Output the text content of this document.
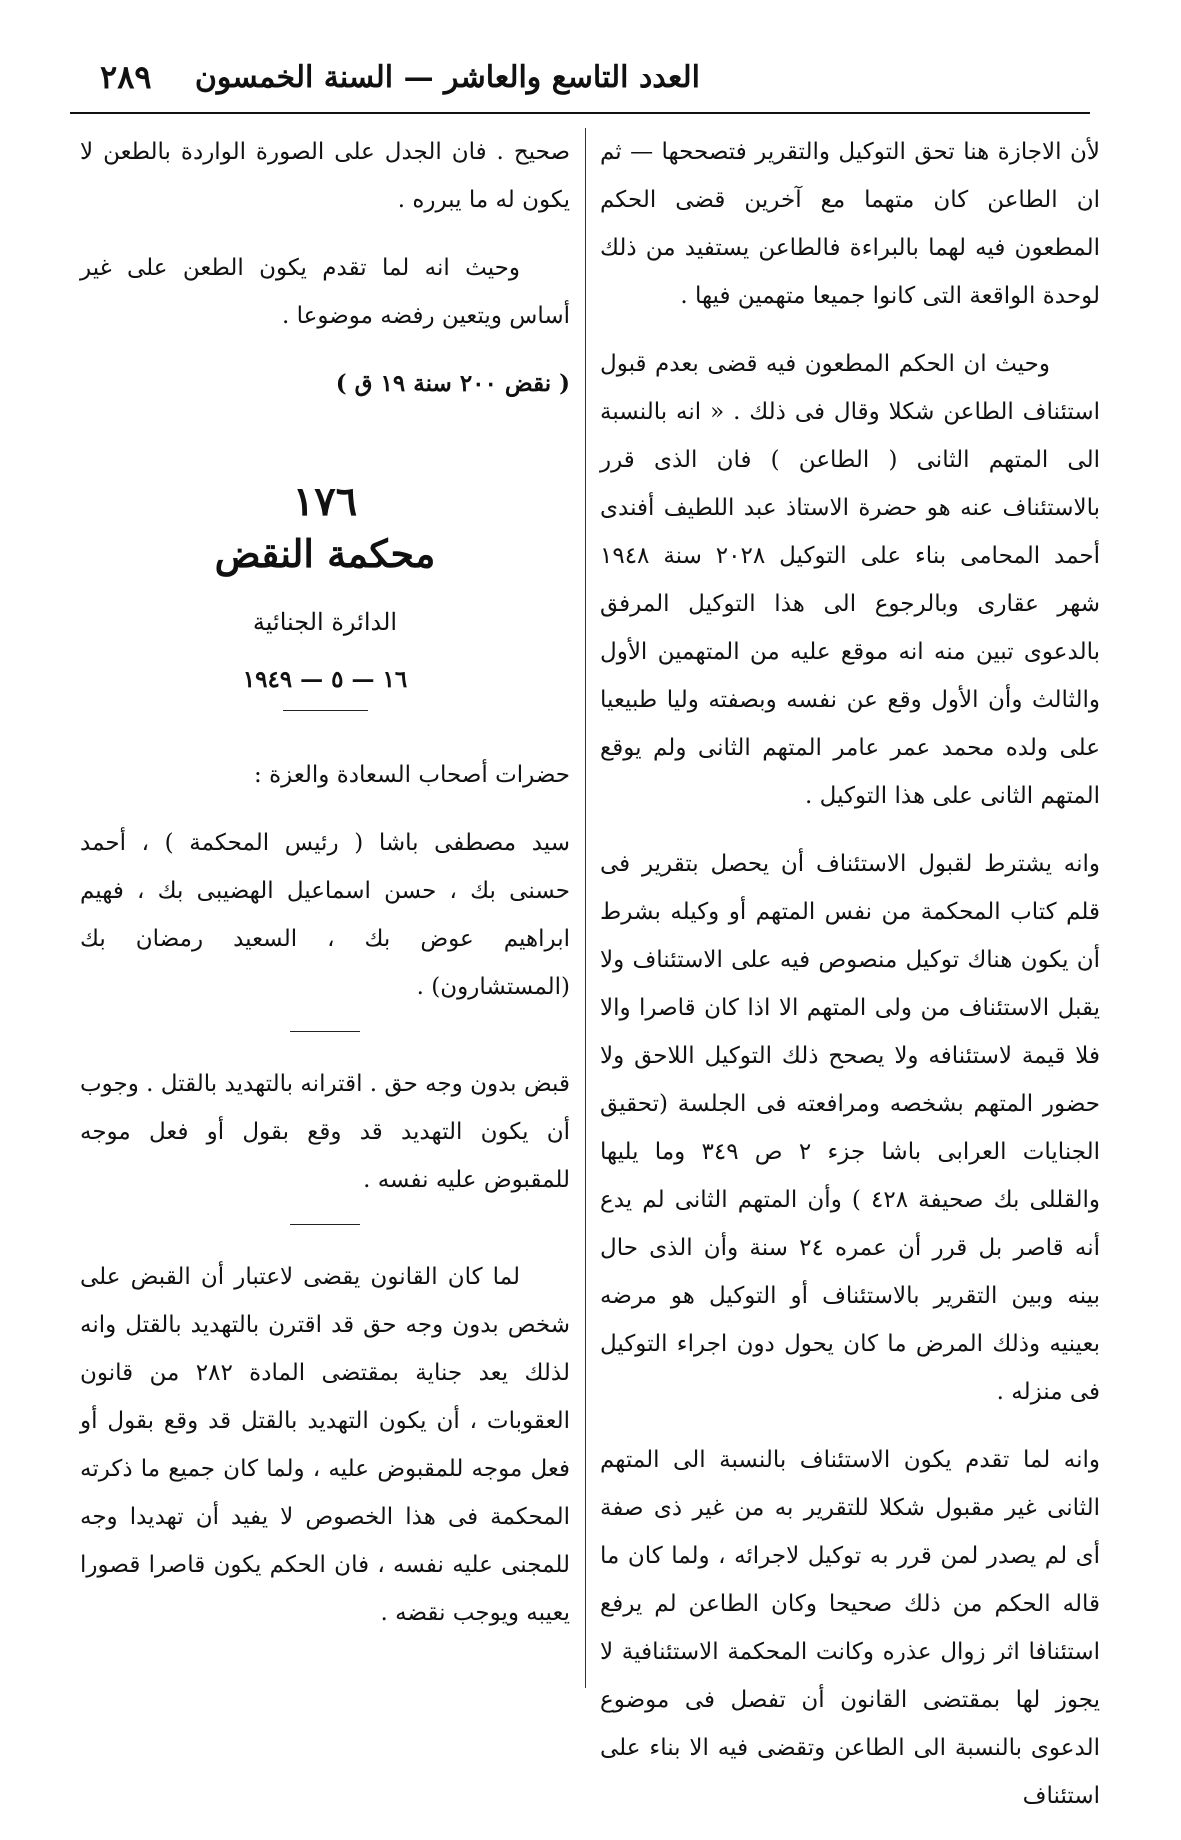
العدد التاسع والعاشر — السنة الخمسون
٢٨٩

لأن الاجازة هنا تحق التوكيل والتقرير فتصححها — ثم ان الطاعن كان متهما مع آخرين قضى الحكم المطعون فيه لهما بالبراءة فالطاعن يستفيد من ذلك لوحدة الواقعة التى كانوا جميعا متهمين فيها .

وحيث ان الحكم المطعون فيه قضى بعدم قبول استئناف الطاعن شكلا وقال فى ذلك . « انه بالنسبة الى المتهم الثانى ( الطاعن ) فان الذى قرر بالاستئناف عنه هو حضرة الاستاذ عبد اللطيف أفندى أحمد المحامى بناء على التوكيل ٢٠٢٨ سنة ١٩٤٨ شهر عقارى وبالرجوع الى هذا التوكيل المرفق بالدعوى تبين منه انه موقع عليه من المتهمين الأول والثالث وأن الأول وقع عن نفسه وبصفته وليا طبيعيا على ولده محمد عمر عامر المتهم الثانى ولم يوقع المتهم الثانى على هذا التوكيل .

وانه يشترط لقبول الاستئناف أن يحصل بتقرير فى قلم كتاب المحكمة من نفس المتهم أو وكيله بشرط أن يكون هناك توكيل منصوص فيه على الاستئناف ولا يقبل الاستئناف من ولى المتهم الا اذا كان قاصرا والا فلا قيمة لاستئنافه ولا يصحح ذلك التوكيل اللاحق ولا حضور المتهم بشخصه ومرافعته فى الجلسة (تحقيق الجنايات العرابى باشا جزء ٢ ص ٣٤٩ وما يليها والقللى بك صحيفة ٤٢٨ ) وأن المتهم الثانى لم يدع أنه قاصر بل قرر أن عمره ٢٤ سنة وأن الذى حال بينه وبين التقرير بالاستئناف أو التوكيل هو مرضه بعينيه وذلك المرض ما كان يحول دون اجراء التوكيل فى منزله .

وانه لما تقدم يكون الاستئناف بالنسبة الى المتهم الثانى غير مقبول شكلا للتقرير به من غير ذى صفة أى لم يصدر لمن قرر به توكيل لاجرائه ، ولما كان ما قاله الحكم من ذلك صحيحا وكان الطاعن لم يرفع استئنافا اثر زوال عذره وكانت المحكمة الاستئنافية لا يجوز لها بمقتضى القانون أن تفصل فى موضوع الدعوى بالنسبة الى الطاعن وتقضى فيه الا بناء على استئناف

صحيح . فان الجدل على الصورة الواردة بالطعن لا يكون له ما يبرره .

وحيث انه لما تقدم يكون الطعن على غير أساس ويتعين رفضه موضوعا .

( نقض ٢٠٠ سنة ١٩ ق )

١٧٦
محكمة النقض
الدائرة الجنائية
١٦ — ٥ — ١٩٤٩

حضرات أصحاب السعادة والعزة :

سيد مصطفى باشا ( رئيس المحكمة ) ، أحمد حسنى بك ، حسن اسماعيل الهضيبى بك ، فهيم ابراهيم عوض بك ، السعيد رمضان بك (المستشارون) .

قبض بدون وجه حق . اقترانه بالتهديد بالقتل . وجوب أن يكون التهديد قد وقع بقول أو فعل موجه للمقبوض عليه نفسه .

لما كان القانون يقضى لاعتبار أن القبض على شخص بدون وجه حق قد اقترن بالتهديد بالقتل وانه لذلك يعد جناية بمقتضى المادة ٢٨٢ من قانون العقوبات ، أن يكون التهديد بالقتل قد وقع بقول أو فعل موجه للمقبوض عليه ، ولما كان جميع ما ذكرته المحكمة فى هذا الخصوص لا يفيد أن تهديدا وجه للمجنى عليه نفسه ، فان الحكم يكون قاصرا قصورا يعيبه ويوجب نقضه .
